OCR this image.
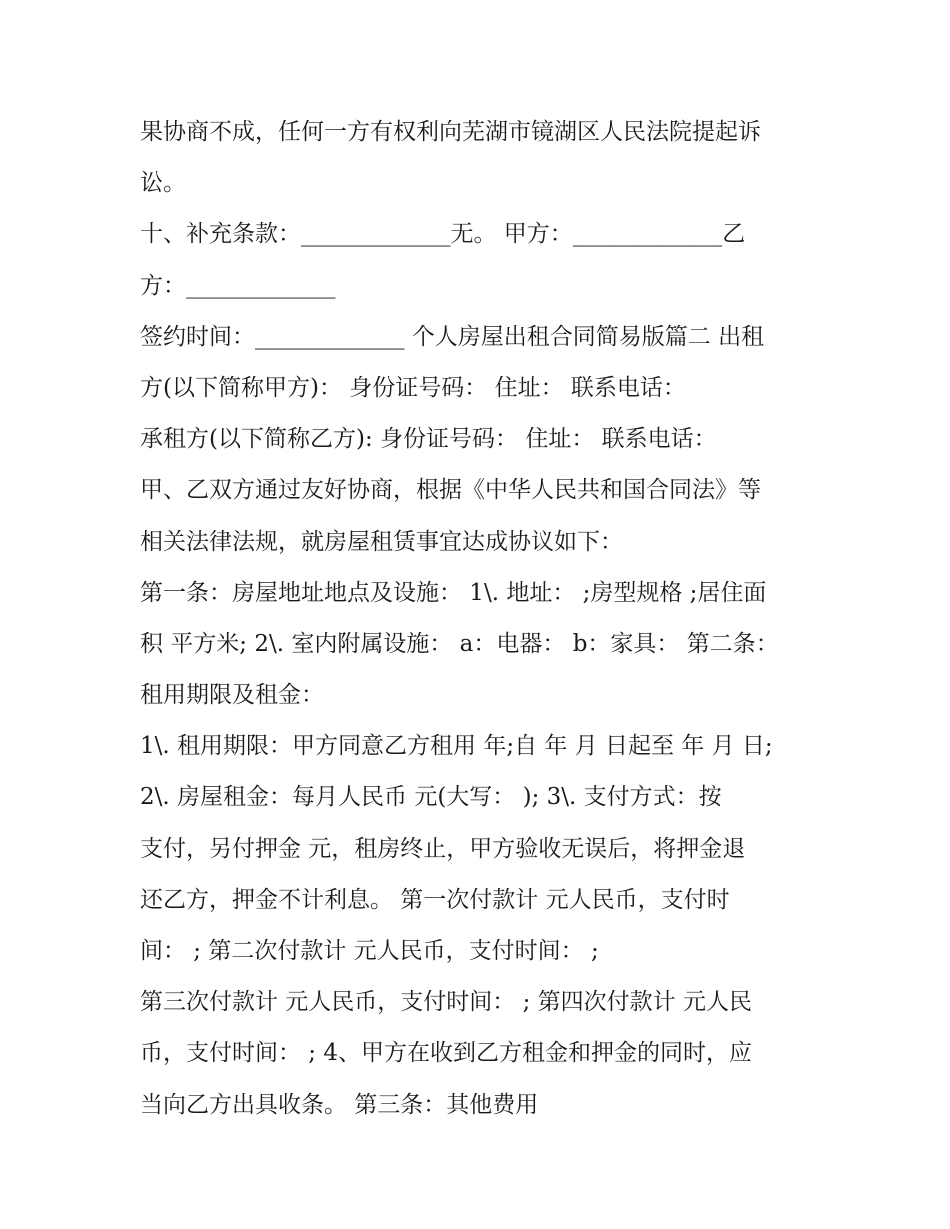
果协商不成，任何一方有权利向芜湖市镜湖区人民法院提起诉
讼。
十、补充条款：_____________无。 甲方：_____________乙
方：_____________
签约时间：_____________ 个人房屋出租合同简易版篇二 出租
方(以下简称甲方)： 身份证号码： 住址： 联系电话：
承租方(以下简称乙方): 身份证号码： 住址： 联系电话：
甲、乙双方通过友好协商，根据《中华人民共和国合同法》等
相关法律法规，就房屋租赁事宜达成协议如下：
第一条：房屋地址地点及设施： 1\. 地址： ;房型规格 ;居住面
积 平方米; 2\. 室内附属设施： a：电器： b：家具： 第二条：
租用期限及租金：
1\. 租用期限：甲方同意乙方租用 年;自 年 月 日起至 年 月 日;
2\. 房屋租金：每月人民币 元(大写： ); 3\. 支付方式：按
支付，另付押金 元，租房终止，甲方验收无误后，将押金退
还乙方，押金不计利息。 第一次付款计 元人民币，支付时
间： ; 第二次付款计 元人民币，支付时间： ;
第三次付款计 元人民币，支付时间： ; 第四次付款计 元人民
币，支付时间： ; 4、甲方在收到乙方租金和押金的同时，应
当向乙方出具收条。 第三条：其他费用
